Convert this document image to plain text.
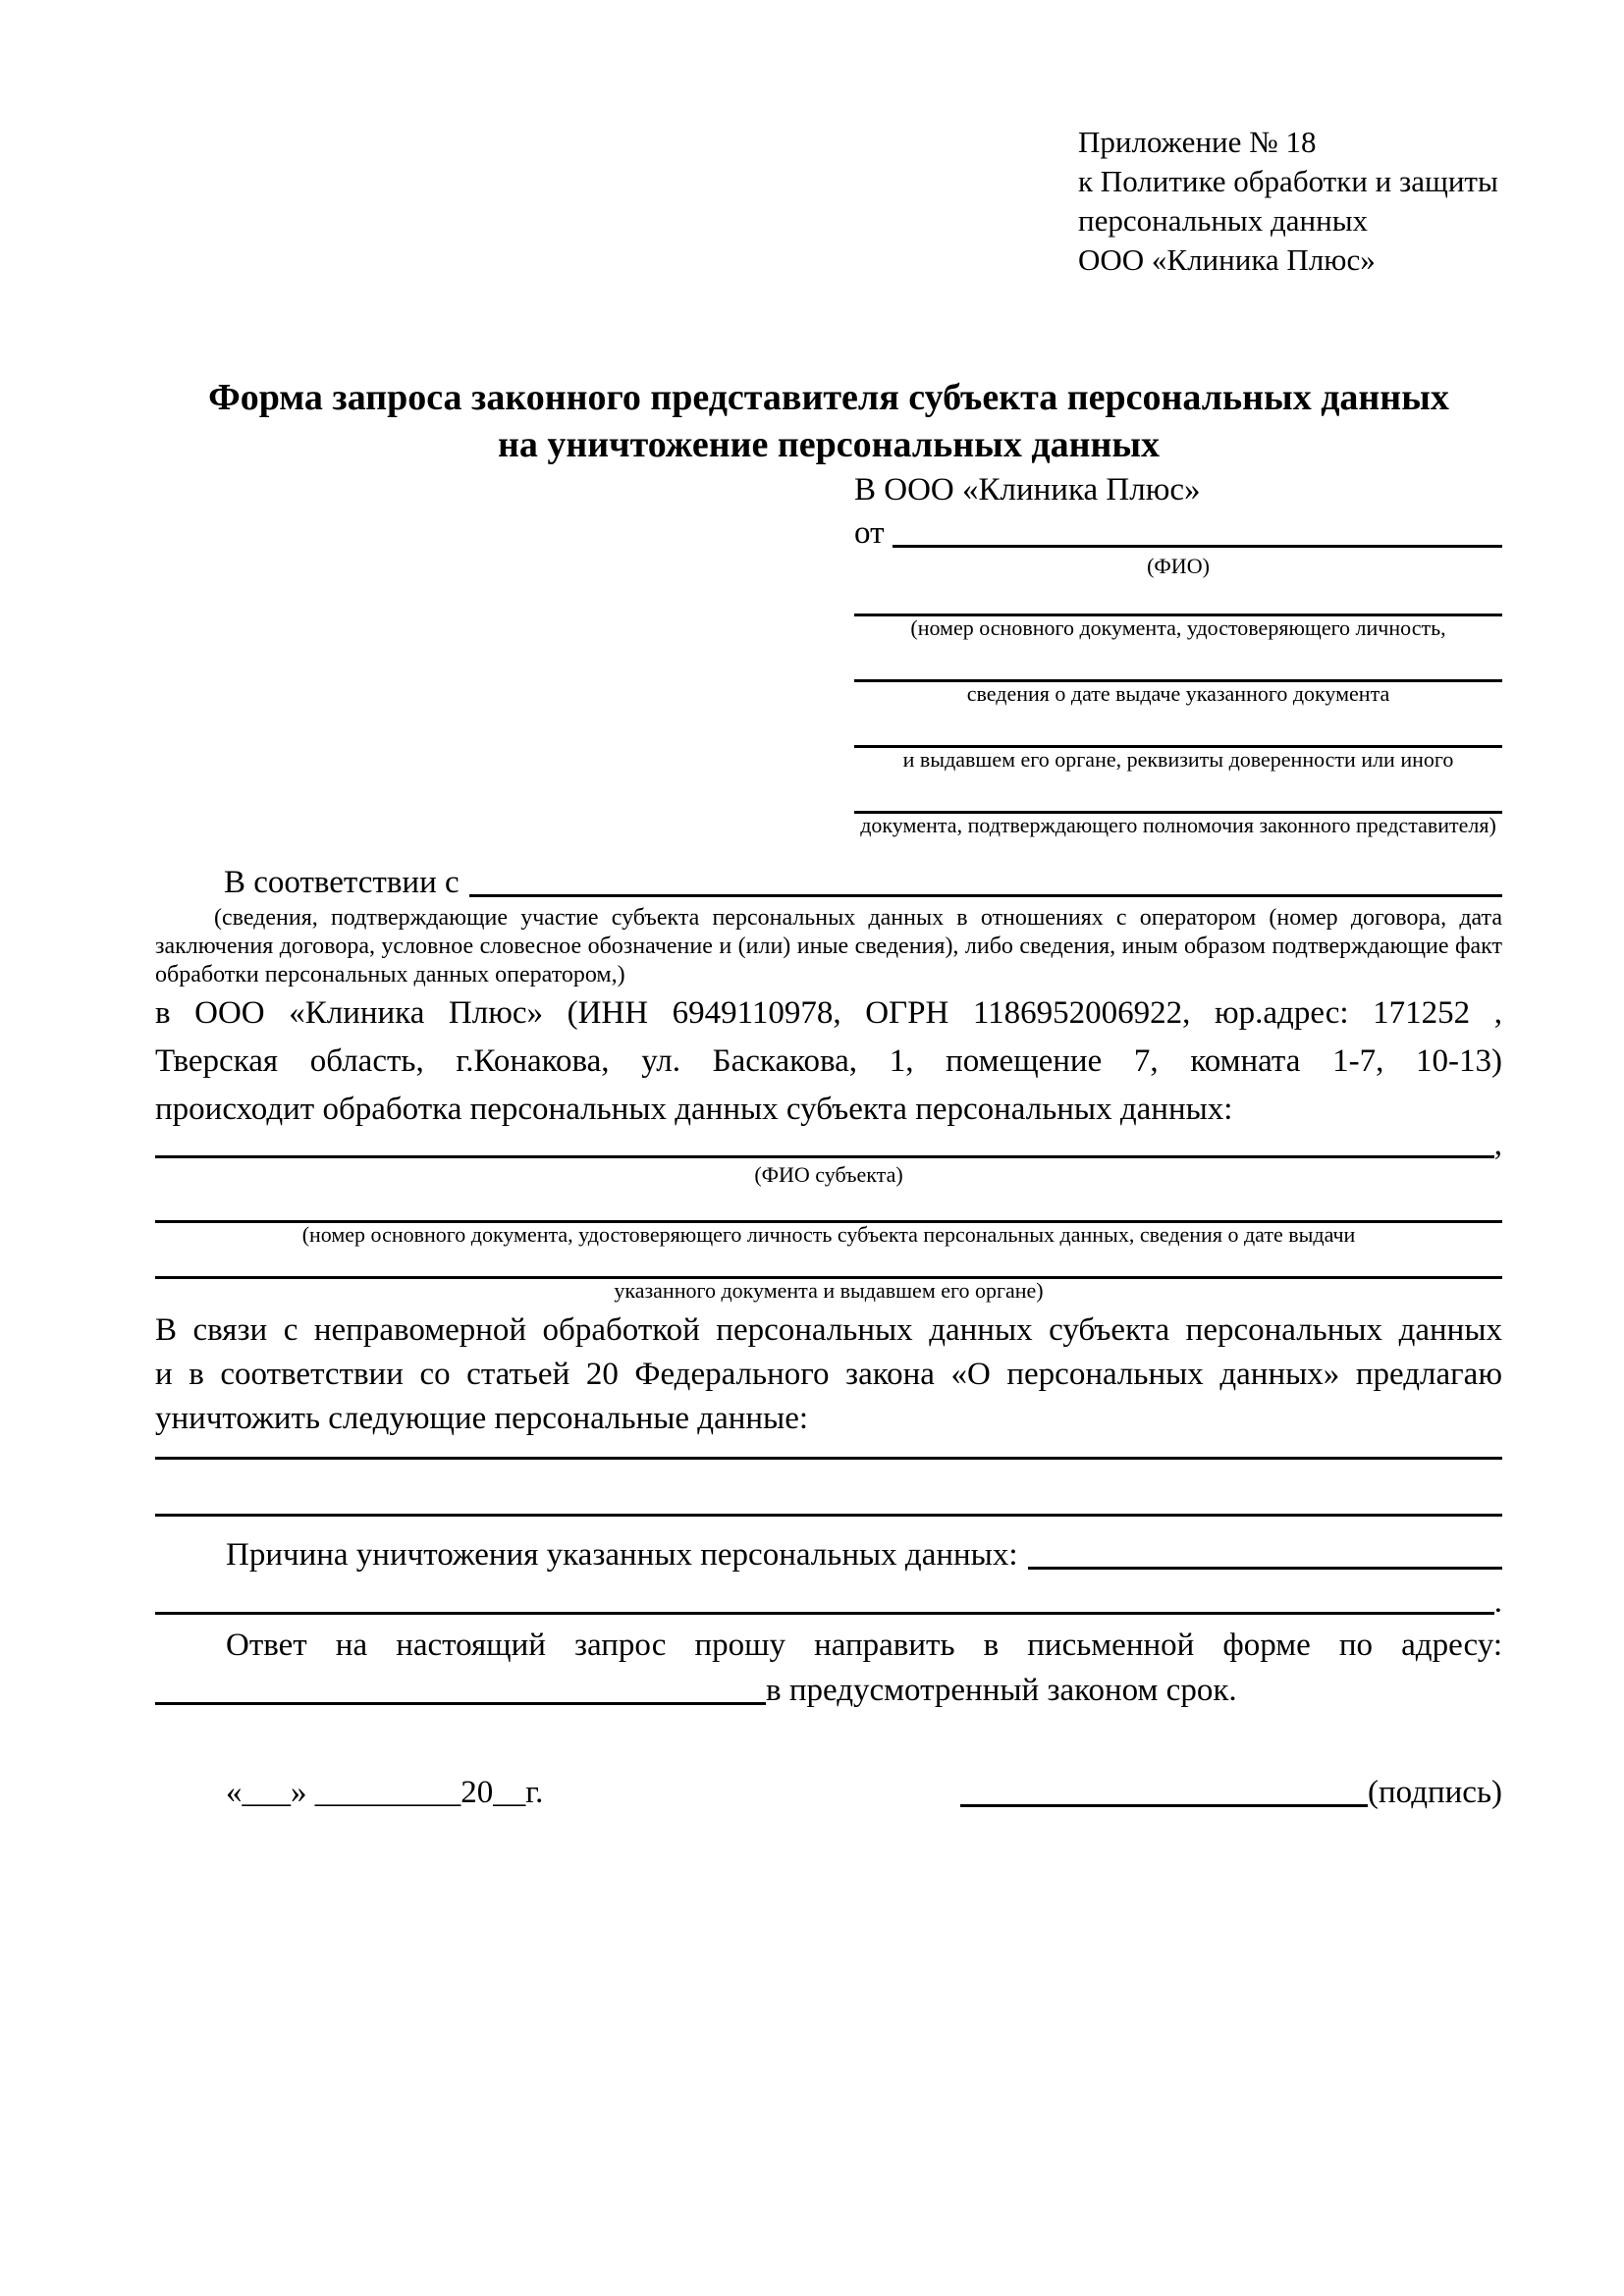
Приложение № 18
к Политике обработки и защиты
персональных данных
ООО «Клиника Плюс»
Форма запроса законного представителя субъекта персональных данных
на уничтожение персональных данных
В ООО «Клиника Плюс»
от
(ФИО)
(номер основного документа, удостоверяющего личность,
сведения о дате выдаче указанного документа
и выдавшем его органе, реквизиты доверенности или иного
документа, подтверждающего полномочия законного представителя)
В соответствии с
(сведения, подтверждающие участие субъекта персональных данных в отношениях с оператором (номер договора, дата
заключения договора, условное словесное обозначение и (или) иные сведения), либо сведения, иным образом подтверждающие факт
обработки персональных данных оператором,)
в ООО «Клиника Плюс» (ИНН 6949110978, ОГРН 1186952006922, юр.адрес: 171252 ,
Тверская область, г.Конакова, ул. Баскакова, 1, помещение 7, комната 1-7, 10-13)
происходит обработка персональных данных субъекта персональных данных:
,
(ФИО субъекта)
(номер основного документа, удостоверяющего личность субъекта персональных данных, сведения о дате выдачи
указанного документа и выдавшем его органе)
В связи с неправомерной обработкой персональных данных субъекта персональных данных
и в соответствии со статьей 20 Федерального закона «О персональных данных» предлагаю
уничтожить следующие персональные данные:
Причина уничтожения указанных персональных данных:
.
Ответ на настоящий запрос прошу направить в письменной форме по адресу:
в предусмотренный законом срок.
«___» _________20__г.	(подпись)
